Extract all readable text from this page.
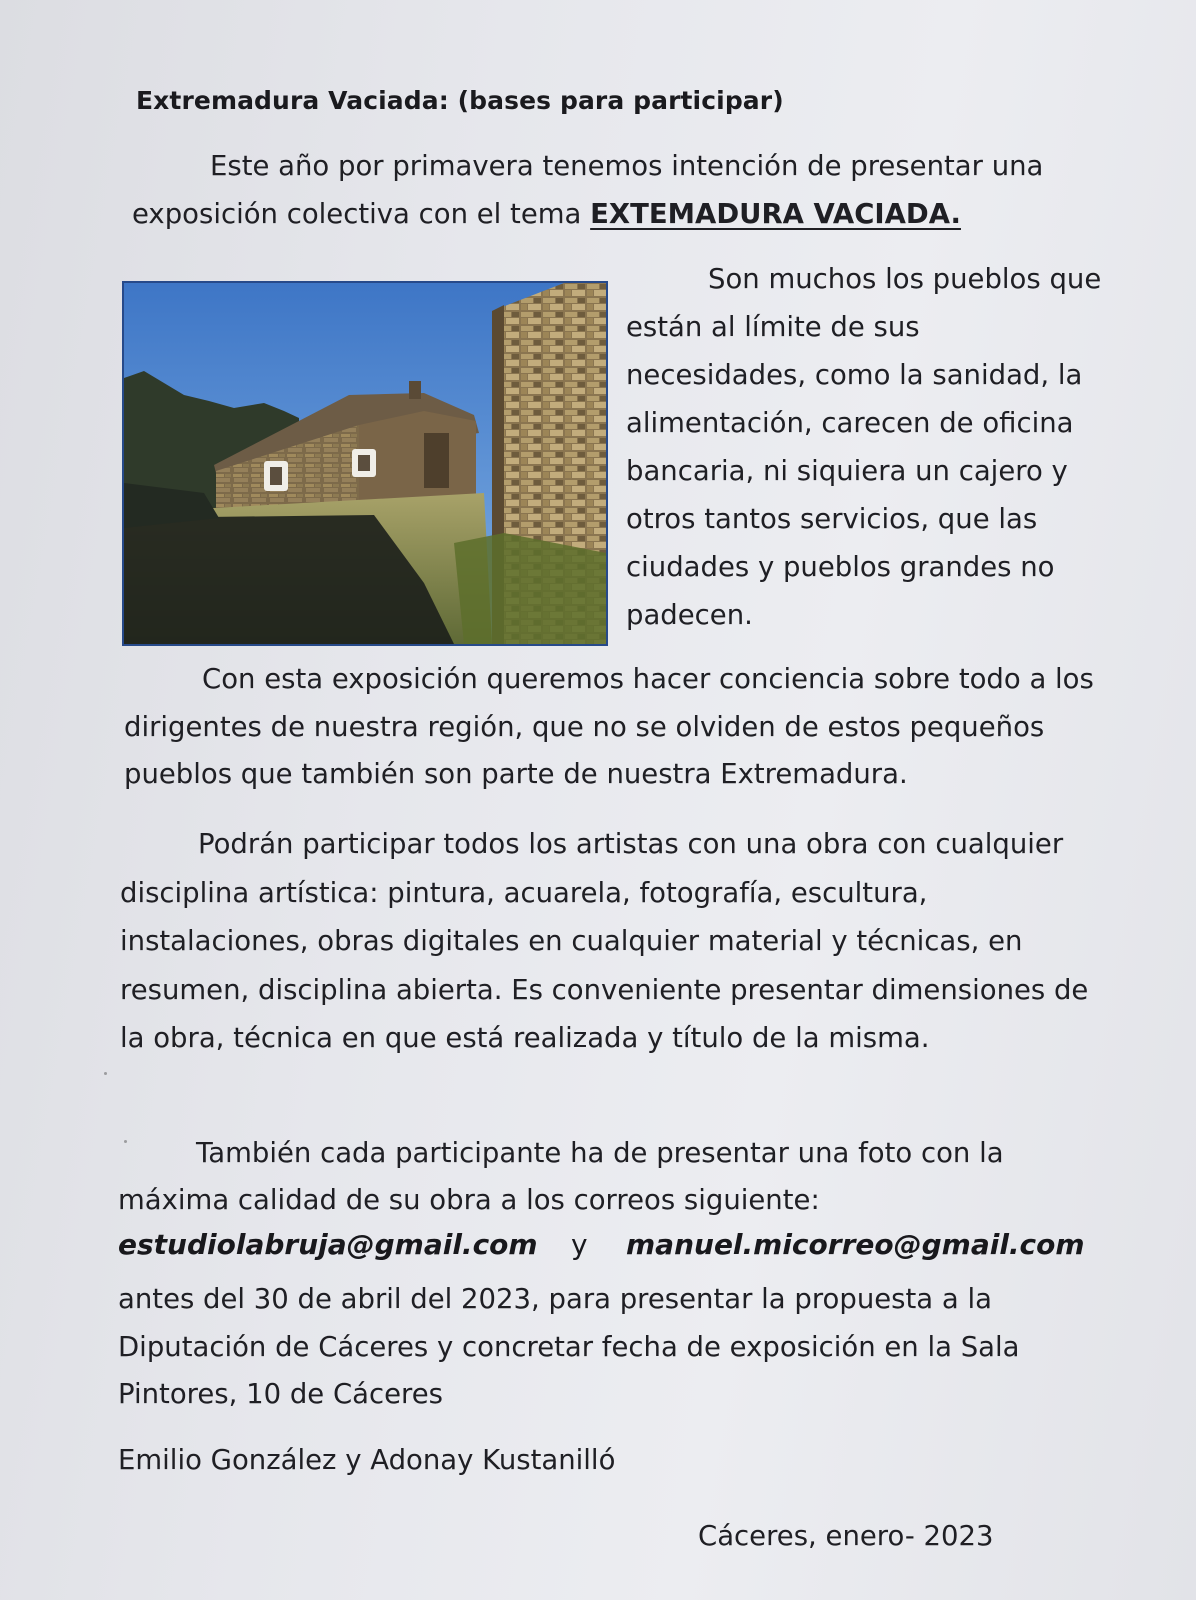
Extremadura Vaciada: (bases para participar)

Este año por primavera tenemos intención de presentar una exposición colectiva con el tema EXTEMADURA VACIADA.

Son muchos los pueblos que
están al límite de sus
necesidades, como la sanidad, la
alimentación, carecen de oficina
bancaria, ni siquiera un cajero y
otros tantos servicios, que las
ciudades y pueblos grandes no
padecen.

Con esta exposición queremos hacer conciencia sobre todo a los dirigentes de nuestra región, que no se olviden de estos pequeños pueblos que también son parte de nuestra Extremadura.

Podrán participar todos los artistas con una obra con cualquier disciplina artística: pintura, acuarela, fotografía, escultura, instalaciones, obras digitales en cualquier material y técnicas, en resumen, disciplina abierta. Es conveniente presentar dimensiones de la obra, técnica en que está realizada y título de la misma.

También cada participante ha de presentar una foto con la máxima calidad de su obra a los correos siguiente:

estudiolabruja@gmail.com y manuel.micorreo@gmail.com

antes del 30 de abril del 2023, para presentar la propuesta a la Diputación de Cáceres y concretar fecha de exposición en la Sala Pintores, 10 de Cáceres

Emilio González y Adonay Kustanilló
Cáceres, enero- 2023
